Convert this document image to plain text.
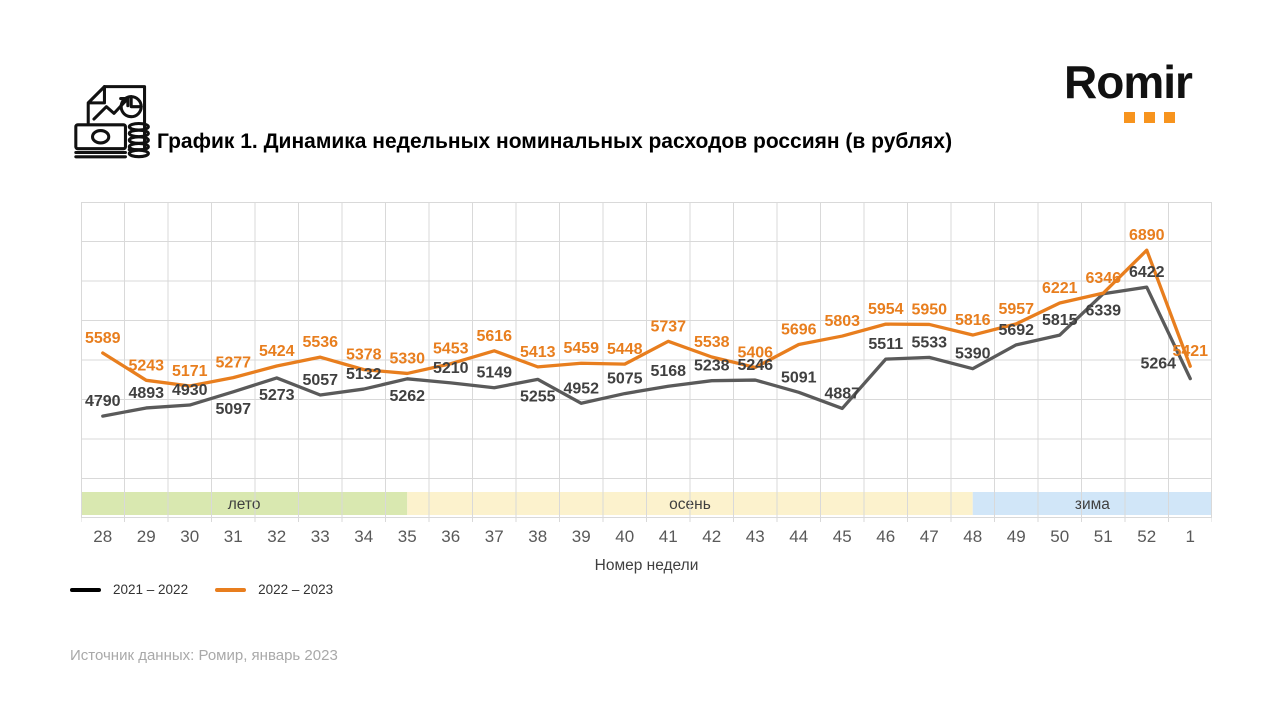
График 1. Динамика недельных номинальных расходов россиян (в рублях)
Romir
лето	осень	зима
28 29 30 31 32 33 34 35 36 37 38 39 40 41 42 43 44 45 46 47 48 49 50 51 52 1
4790 4893 4930
5097
5273
5057 5132
5262
5210 5149
5255 4952
5075 5168 5238 5246
5091
4887
5511 5533
5390
5692
5815
6339
6422
5264
5589
5243 5171 5277
5424
5536
5378 5330
5453
5616
5413 5459 5448
5737
5538
5406
5696 5803
5954 5950
5816
5957
6221
6346
6890
5421
Номер недели
2021 – 2022	2022 – 2023
Источник данных: Ромир, январь 2023
